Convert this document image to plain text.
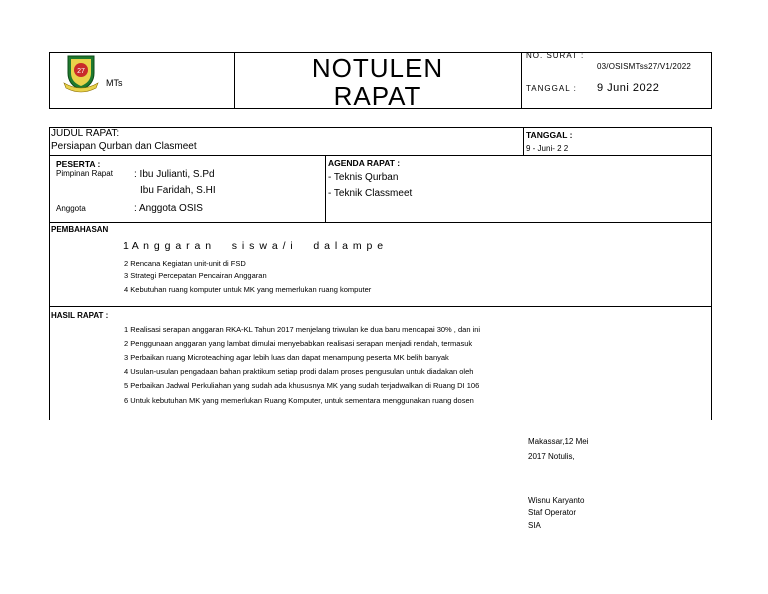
27
MTs	NOTULEN
RAPAT
NO. SURAT :
03/OSISMTss27/V1/2022
TANGGAL : 9 Juni 2022
JUDUL RAPAT:
Persiapan Qurban dan Clasmeet
TANGGAL :
9 - Juni- 2 2
PESERTA :
Pimpinan Rapat : Ibu Julianti, S.Pd
Ibu Faridah, S.HI
Anggota	: Anggota OSIS
AGENDA RAPAT :
- Teknis Qurban
- Teknik Classmeet
PEMBAHASAN
1 A n g g a r a n     s i s w a / i     d a l a m p e
2 Rencana Kegiatan unit-unit di FSD
3 Strategi Percepatan Pencairan Anggaran
4 Kebutuhan ruang komputer untuk MK yang memerlukan ruang komputer
HASIL RAPAT :
1 Realisasi serapan anggaran RKA-KL Tahun 2017 menjelang triwulan ke dua baru mencapai 30% , dan ini
2 Penggunaan anggaran yang lambat dimulai menyebabkan realisasi serapan menjadi rendah, termasuk
3 Perbaikan ruang Microteaching agar lebih luas dan dapat menampung peserta MK belih banyak
4 Usulan-usulan pengadaan bahan praktikum setiap prodi dalam proses pengusulan untuk diadakan oleh
5 Perbaikan Jadwal Perkuliahan yang sudah ada khususnya MK yang sudah terjadwalkan di Ruang DI 106
6 Untuk kebutuhan MK yang memerlukan Ruang Komputer, untuk sementara menggunakan ruang dosen
Makassar,12 Mei
2017 Notulis,
Wisnu Karyanto
Staf Operator
SIA
